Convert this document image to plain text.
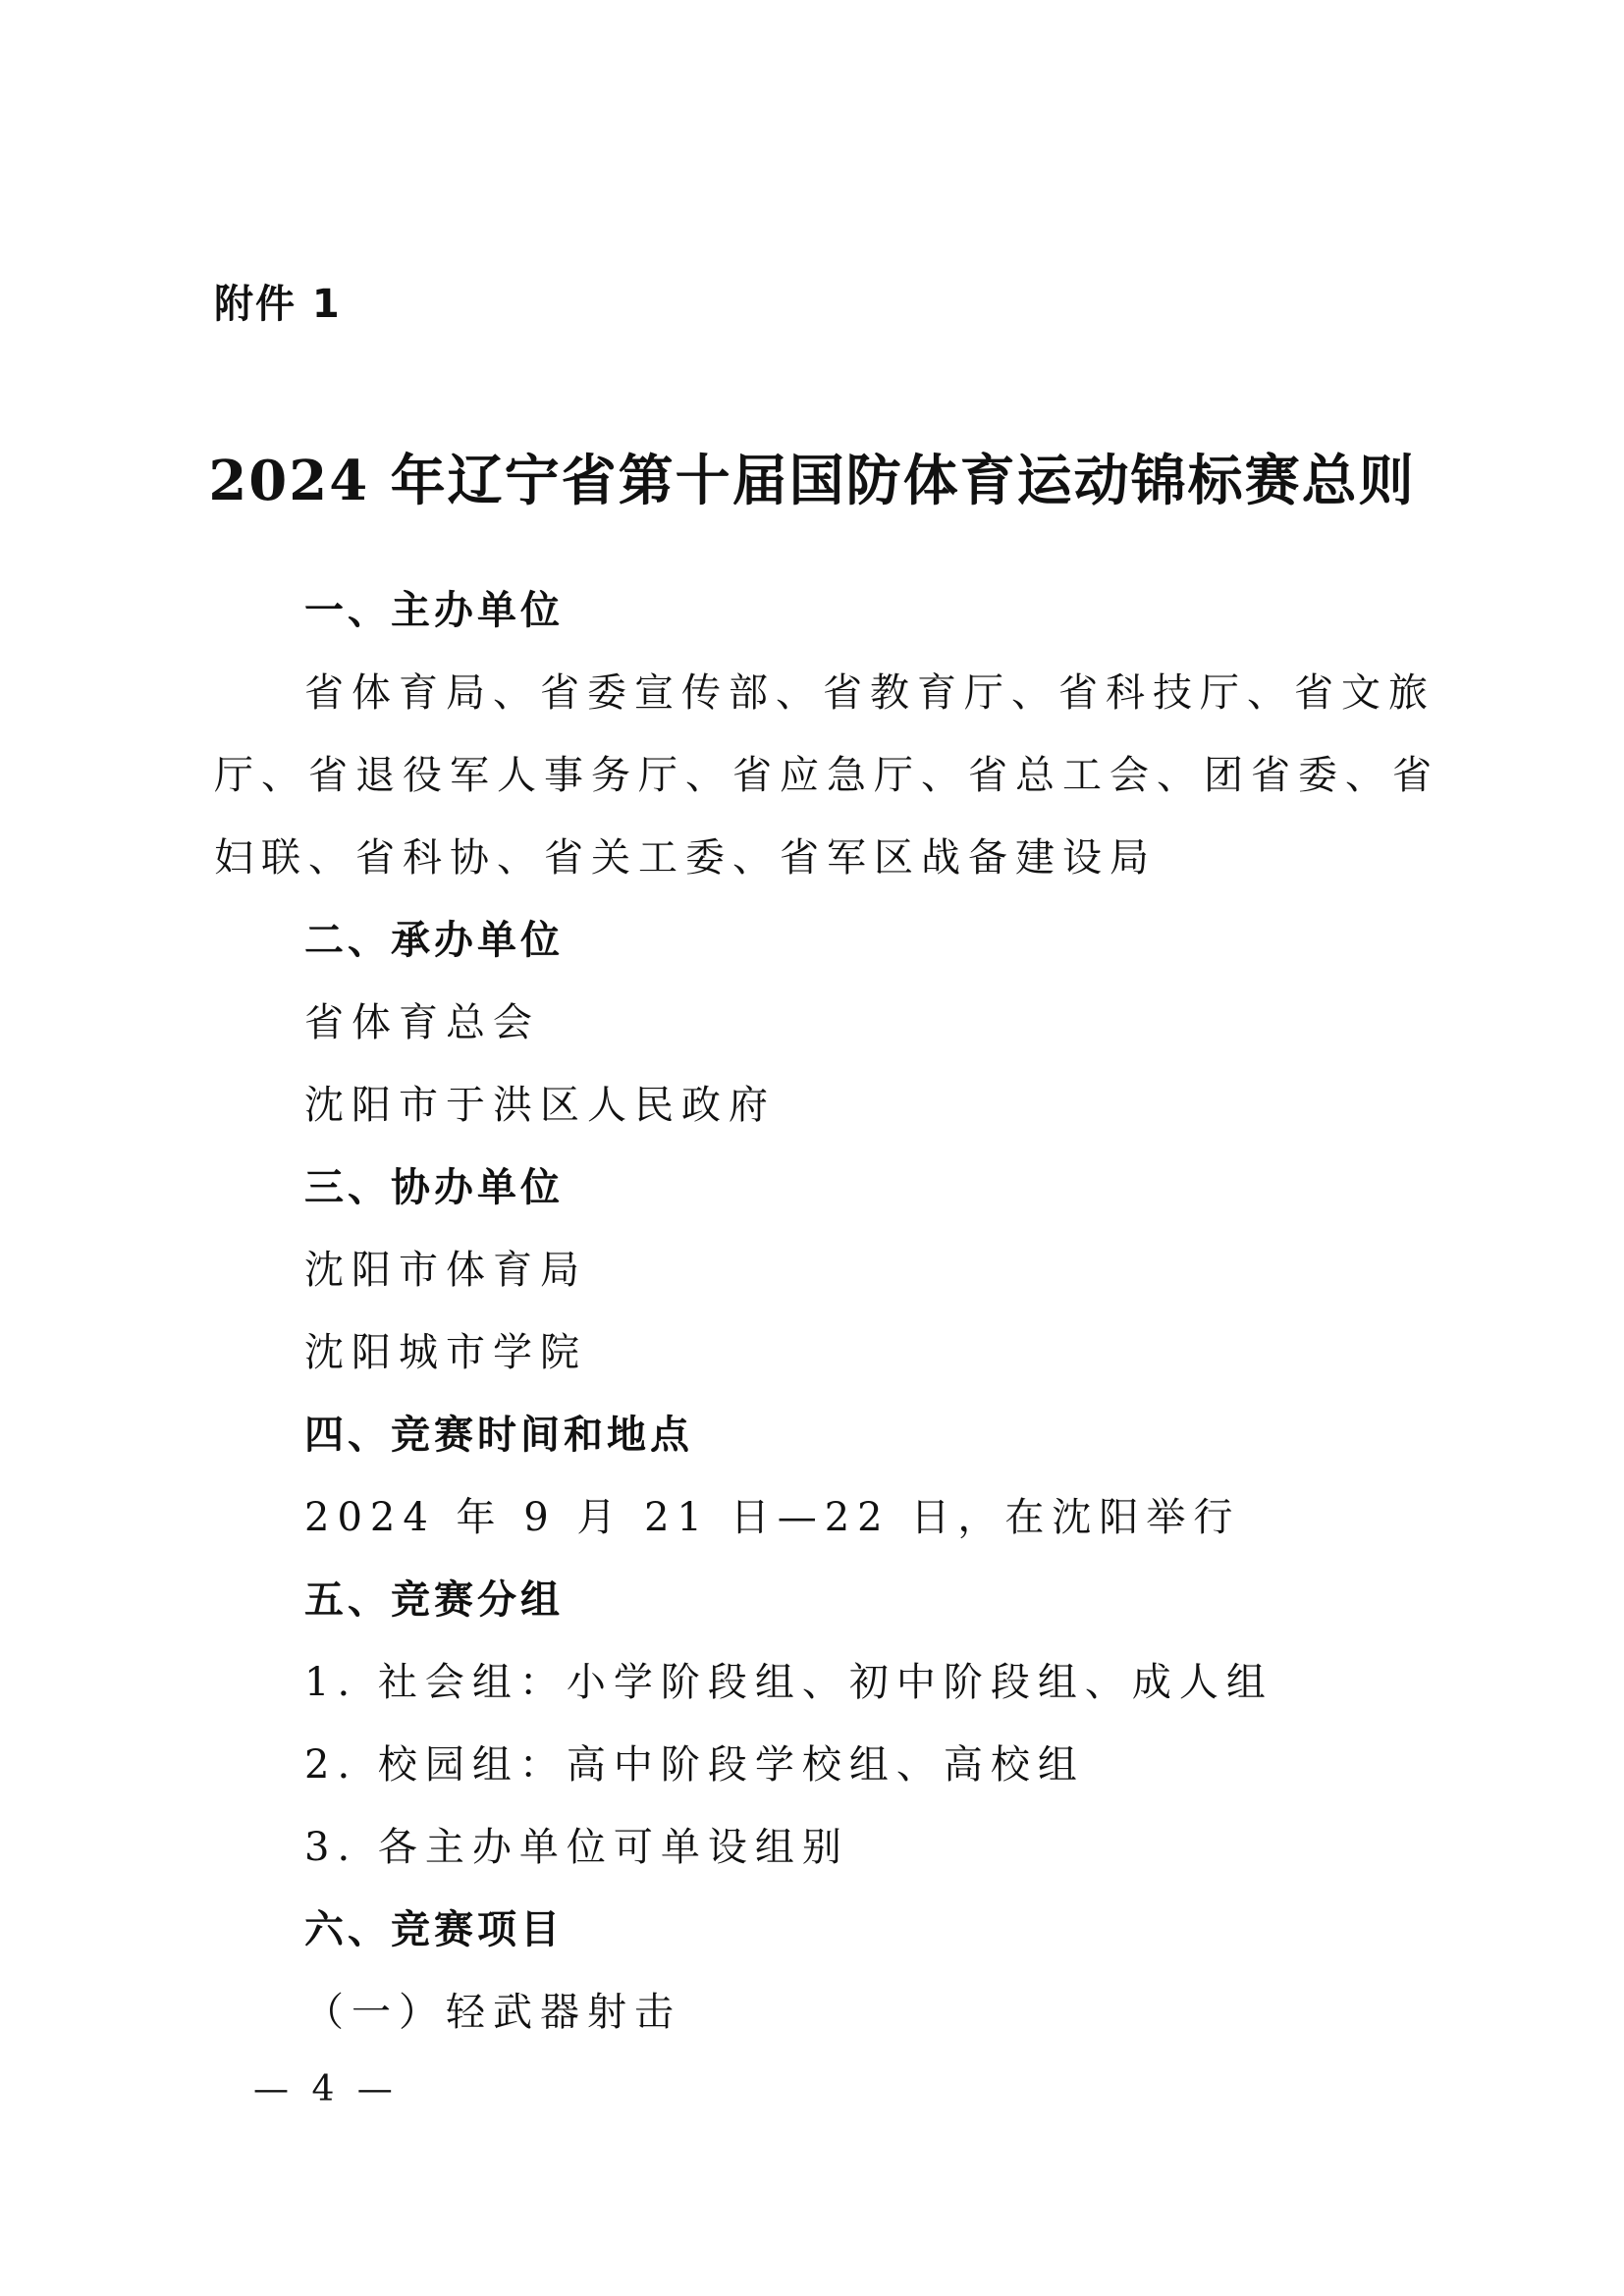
附件 1
2024 年辽宁省第十届国防体育运动锦标赛总则

一、主办单位

省体育局、省委宣传部、省教育厅、省科技厅、省文旅

厅、省退役军人事务厅、省应急厅、省总工会、团省委、省

妇联、省科协、省关工委、省军区战备建设局

二、承办单位

省体育总会

沈阳市于洪区人民政府

三、协办单位

沈阳市体育局

沈阳城市学院

四、竞赛时间和地点

2024 年 9 月 21 日—22 日，在沈阳举行

五、竞赛分组

1. 社会组：小学阶段组、初中阶段组、成人组

2. 校园组：高中阶段学校组、高校组

3. 各主办单位可单设组别

六、竞赛项目

（一）轻武器射击

— 4 —
